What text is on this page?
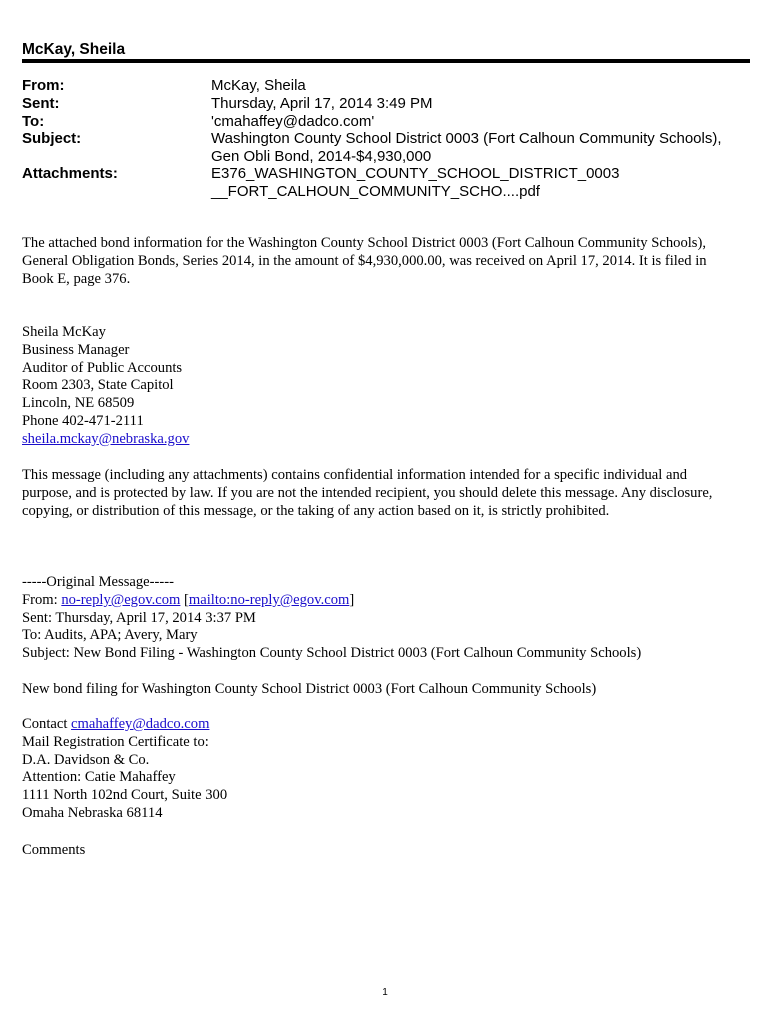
McKay, Sheila
From:	McKay, Sheila
Sent:	Thursday, April 17, 2014 3:49 PM
To:	'cmahaffey@dadco.com'
Subject:	Washington County School District 0003 (Fort Calhoun Community Schools),
Gen Obli Bond, 2014-$4,930,000
Attachments:	E376_WASHINGTON_COUNTY_SCHOOL_DISTRICT_0003
__FORT_CALHOUN_COMMUNITY_SCHO....pdf
The attached bond information for the Washington County School District 0003 (Fort Calhoun Community Schools),
General Obligation Bonds, Series 2014, in the amount of $4,930,000.00, was received on April 17, 2014. It is filed in
Book E, page 376.
Sheila McKay
Business Manager
Auditor of Public Accounts
Room 2303, State Capitol
Lincoln, NE 68509
Phone 402-471-2111
sheila.mckay@nebraska.gov
This message (including any attachments) contains confidential information intended for a specific individual and
purpose, and is protected by law. If you are not the intended recipient, you should delete this message. Any disclosure,
copying, or distribution of this message, or the taking of any action based on it, is strictly prohibited.
-----Original Message-----
From: no-reply@egov.com [mailto:no-reply@egov.com]
Sent: Thursday, April 17, 2014 3:37 PM
To: Audits, APA; Avery, Mary
Subject: New Bond Filing - Washington County School District 0003 (Fort Calhoun Community Schools)
New bond filing for Washington County School District 0003 (Fort Calhoun Community Schools)
Contact cmahaffey@dadco.com
Mail Registration Certificate to:
D.A. Davidson & Co.
Attention: Catie Mahaffey
1111 North 102nd Court, Suite 300
Omaha Nebraska 68114
Comments
1
